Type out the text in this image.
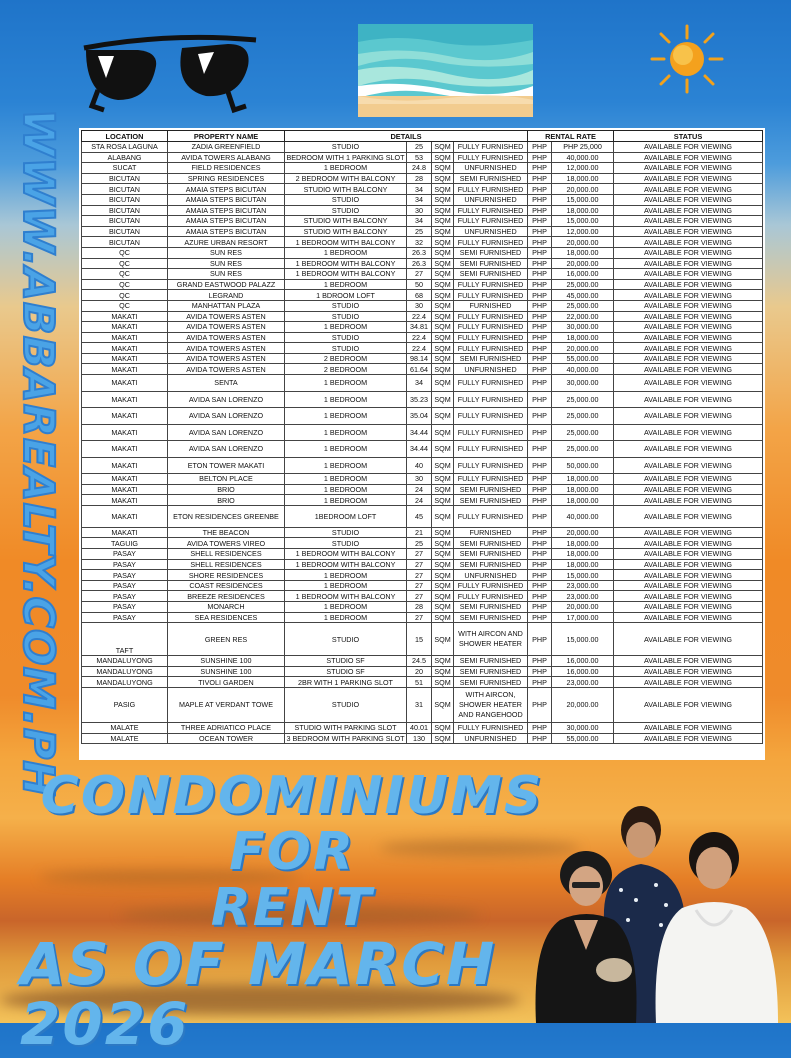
WWW.ABBAREALTY.COM.PH	LOCATION	PROPERTY NAME	DETAILS				RENTAL RATE		STATUS
STA ROSA LAGUNA	ZADIA GREENFIELD	STUDIO	25	SQM	FULLY FURNISHED	PHP	PHP 25,000	AVAILABLE FOR VIEWING
ALABANG	AVIDA TOWERS ALABANG	BEDROOM WITH 1 PARKING SLOT	53	SQM	FULLY FURNISHED	PHP	40,000.00	AVAILABLE FOR VIEWING
SUCAT	FIELD RESIDENCES	1 BEDROOM	24.8	SQM	UNFURNISHED	PHP	12,000.00	AVAILABLE FOR VIEWING
BICUTAN	SPRING RESIDENCES	2 BEDROOM WITH BALCONY	28	SQM	SEMI FURNISHED	PHP	18,000.00	AVAILABLE FOR VIEWING
BICUTAN	AMAIA STEPS BICUTAN	STUDIO WITH BALCONY	34	SQM	FULLY FURNISHED	PHP	20,000.00	AVAILABLE FOR VIEWING
BICUTAN	AMAIA STEPS BICUTAN	STUDIO	34	SQM	UNFURNISHED	PHP	15,000.00	AVAILABLE FOR VIEWING
BICUTAN	AMAIA STEPS BICUTAN	STUDIO	30	SQM	FULLY FURNISHED	PHP	18,000.00	AVAILABLE FOR VIEWING
BICUTAN	AMAIA STEPS BICUTAN	STUDIO WITH BALCONY	34	SQM	FULLY FURNISHED	PHP	15,000.00	AVAILABLE FOR VIEWING
BICUTAN	AMAIA STEPS BICUTAN	STUDIO WITH BALCONY	25	SQM	UNFURNISHED	PHP	12,000.00	AVAILABLE FOR VIEWING
BICUTAN	AZURE URBAN RESORT	1 BEDROOM WITH BALCONY	32	SQM	FULLY FURNISHED	PHP	20,000.00	AVAILABLE FOR VIEWING
QC	SUN RES	1 BEDROOM	26.3	SQM	SEMI FURNISHED	PHP	18,000.00	AVAILABLE FOR VIEWING
QC	SUN RES	1 BEDROOM WITH BALCONY	26.3	SQM	SEMI FURNISHED	PHP	20,000.00	AVAILABLE FOR VIEWING
QC	SUN RES	1 BEDROOM WITH BALCONY	27	SQM	SEMI FURNISHED	PHP	16,000.00	AVAILABLE FOR VIEWING
QC	GRAND EASTWOOD PALAZZ	1 BEDROOM	50	SQM	FULLY FURNISHED	PHP	25,000.00	AVAILABLE FOR VIEWING
QC	LEGRAND	1 BDROOM LOFT	68	SQM	FULLY FURNISHED	PHP	45,000.00	AVAILABLE FOR VIEWING
QC	MANHATTAN PLAZA	STUDIO	30	SQM	FURNISHED	PHP	25,000.00	AVAILABLE FOR VIEWING
MAKATI	AVIDA TOWERS ASTEN	STUDIO	22.4	SQM	FULLY FURNISHED	PHP	22,000.00	AVAILABLE FOR VIEWING
MAKATI	AVIDA TOWERS ASTEN	1 BEDROOM	34.81	SQM	FULLY FURNISHED	PHP	30,000.00	AVAILABLE FOR VIEWING
MAKATI	AVIDA TOWERS ASTEN	STUDIO	22.4	SQM	FULLY FURNISHED	PHP	18,000.00	AVAILABLE FOR VIEWING
MAKATI	AVIDA TOWERS ASTEN	STUDIO	22.4	SQM	FULLY FURNISHED	PHP	20,000.00	AVAILABLE FOR VIEWING
MAKATI	AVIDA TOWERS ASTEN	2 BEDROOM	98.14	SQM	SEMI FURNISHED	PHP	55,000.00	AVAILABLE FOR VIEWING
MAKATI	AVIDA TOWERS ASTEN	2 BEDROOM	61.64	SQM	UNFURNISHED	PHP	40,000.00	AVAILABLE FOR VIEWING
MAKATI	SENTA	1 BEDROOM	34	SQM	FULLY FURNISHED	PHP	30,000.00	AVAILABLE FOR VIEWING
MAKATI	AVIDA SAN LORENZO	1 BEDROOM	35.23	SQM	FULLY FURNISHED	PHP	25,000.00	AVAILABLE FOR VIEWING
MAKATI	AVIDA SAN LORENZO	1 BEDROOM	35.04	SQM	FULLY FURNISHED	PHP	25,000.00	AVAILABLE FOR VIEWING
MAKATI	AVIDA SAN LORENZO	1 BEDROOM	34.44	SQM	FULLY FURNISHED	PHP	25,000.00	AVAILABLE FOR VIEWING
MAKATI	AVIDA SAN LORENZO	1 BEDROOM	34.44	SQM	FULLY FURNISHED	PHP	25,000.00	AVAILABLE FOR VIEWING
MAKATI	ETON TOWER MAKATI	1 BEDROOM	40	SQM	FULLY FURNISHED	PHP	50,000.00	AVAILABLE FOR VIEWING
MAKATI	BELTON PLACE	1 BEDROOM	30	SQM	FULLY FURNISHED	PHP	18,000.00	AVAILABLE FOR VIEWING
MAKATI	BRIO	1 BEDROOM	24	SQM	SEMI FURNISHED	PHP	18,000.00	AVAILABLE FOR VIEWING
MAKATI	BRIO	1 BEDROOM	24	SQM	SEMI FURNISHED	PHP	18,000.00	AVAILABLE FOR VIEWING
MAKATI	ETON RESIDENCES GREENBE	1BEDROOM LOFT	45	SQM	FULLY FURNISHED	PHP	40,000.00	AVAILABLE FOR VIEWING
MAKATI	THE BEACON	STUDIO	21	SQM	FURNISHED	PHP	20,000.00	AVAILABLE FOR VIEWING
TAGUIG	AVIDA TOWERS VIREO	STUDIO	25	SQM	SEMI FURNISHED	PHP	18,000.00	AVAILABLE FOR VIEWING
PASAY	SHELL RESIDENCES	1 BEDROOM WITH BALCONY	27	SQM	SEMI FURNISHED	PHP	18,000.00	AVAILABLE FOR VIEWING
PASAY	SHELL RESIDENCES	1 BEDROOM WITH BALCONY	27	SQM	SEMI FURNISHED	PHP	18,000.00	AVAILABLE FOR VIEWING
PASAY	SHORE RESIDENCES	1 BEDROOM	27	SQM	UNFURNISHED	PHP	15,000.00	AVAILABLE FOR VIEWING
PASAY	COAST RESIDENCES	1 BEDROOM	27	SQM	FULLY FURNISHED	PHP	23,000.00	AVAILABLE FOR VIEWING
PASAY	BREEZE RESIDENCES	1 BEDROOM WITH BALCONY	27	SQM	FULLY FURNISHED	PHP	23,000.00	AVAILABLE FOR VIEWING
PASAY	MONARCH	1 BEDROOM	28	SQM	SEMI FURNISHED	PHP	20,000.00	AVAILABLE FOR VIEWING
PASAY	SEA RESIDENCES	1 BEDROOM	27	SQM	SEMI FURNISHED	PHP	17,000.00	AVAILABLE FOR VIEWING
TAFT	GREEN RES	STUDIO	15	SQM	WITH AIRCON AND SHOWER HEATER	PHP	15,000.00	AVAILABLE FOR VIEWING
MANDALUYONG	SUNSHINE 100	STUDIO SF	24.5	SQM	SEMI FURNISHED	PHP	16,000.00	AVAILABLE FOR VIEWING
MANDALUYONG	SUNSHINE 100	STUDIO SF	20	SQM	SEMI FURNISHED	PHP	16,000.00	AVAILABLE FOR VIEWING
MANDALUYONG	TIVOLI GARDEN	2BR WITH 1 PARKING SLOT	51	SQM	SEMI FURNISHED	PHP	23,000.00	AVAILABLE FOR VIEWING
PASIG	MAPLE AT VERDANT TOWE	STUDIO	31	SQM	WITH AIRCON, SHOWER HEATER AND RANGEHOOD	PHP	20,000.00	AVAILABLE FOR VIEWING
MALATE	THREE ADRIATICO PLACE	STUDIO WITH PARKING SLOT	40.01	SQM	FULLY FURNISHED	PHP	30,000.00	AVAILABLE FOR VIEWING
MALATE	OCEAN TOWER	3 BEDROOM WITH PARKING SLOT	130	SQM	UNFURNISHED	PHP	55,000.00	AVAILABLE FOR VIEWING
CONDOMINIUMS FOR
RENT
AS OF MARCH 2026
